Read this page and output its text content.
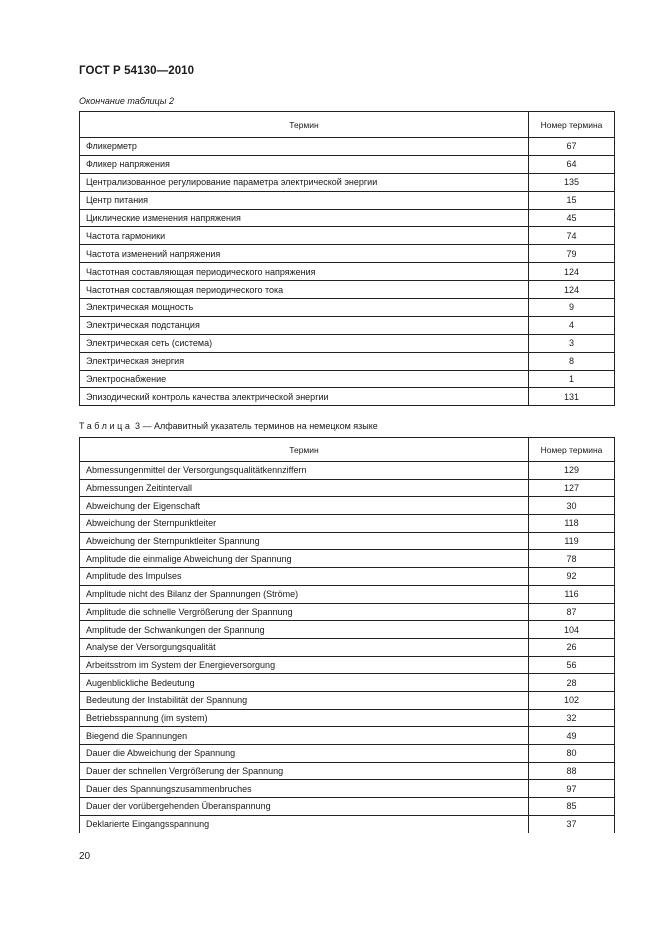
ГОСТ Р 54130—2010
Окончание таблицы 2
Термин	Номер термина
Фликерметр	67
Фликер напряжения	64
Централизованное регулирование параметра электрической энергии	135
Центр питания	15
Циклические изменения напряжения	45
Частота гармоники	74
Частота изменений напряжения	79
Частотная составляющая периодического напряжения	124
Частотная составляющая периодического тока	124
Электрическая мощность	9
Электрическая подстанция	4
Электрическая сеть (система)	3
Электрическая энергия	8
Электроснабжение	1
Эпизодический контроль качества электрической энергии	131
Таблица 3 — Алфавитный указатель терминов на немецком языке
Термин	Номер термина
Abmessungenmittel der Versorgungsqualitätkennziffern	129
Abmessungen Zeitintervall	127
Abweichung der Eigenschaft	30
Abweichung der Sternpunktleiter	118
Abweichung der Sternpunktleiter Spannung	119
Amplitude die einmalige Abweichung der Spannung	78
Amplitude des Impulses	92
Amplitude nicht des Bilanz der Spannungen (Ströme)	116
Amplitude die schnelle Vergrößerung der Spannung	87
Amplitude der Schwankungen der Spannung	104
Analyse der Versorgungsqualität	26
Arbeitsstrom im System der Energieversorgung	56
Augenblickliche Bedeutung	28
Bedeutung der Instabilität der Spannung	102
Betriebsspannung (im system)	32
Biegend die Spannungen	49
Dauer die Abweichung der Spannung	80
Dauer der schnellen Vergrößerung der Spannung	88
Dauer des Spannungszusammenbruches	97
Dauer der vorübergehenden Überanspannung	85
Deklarierte Eingangsspannung	37
20
